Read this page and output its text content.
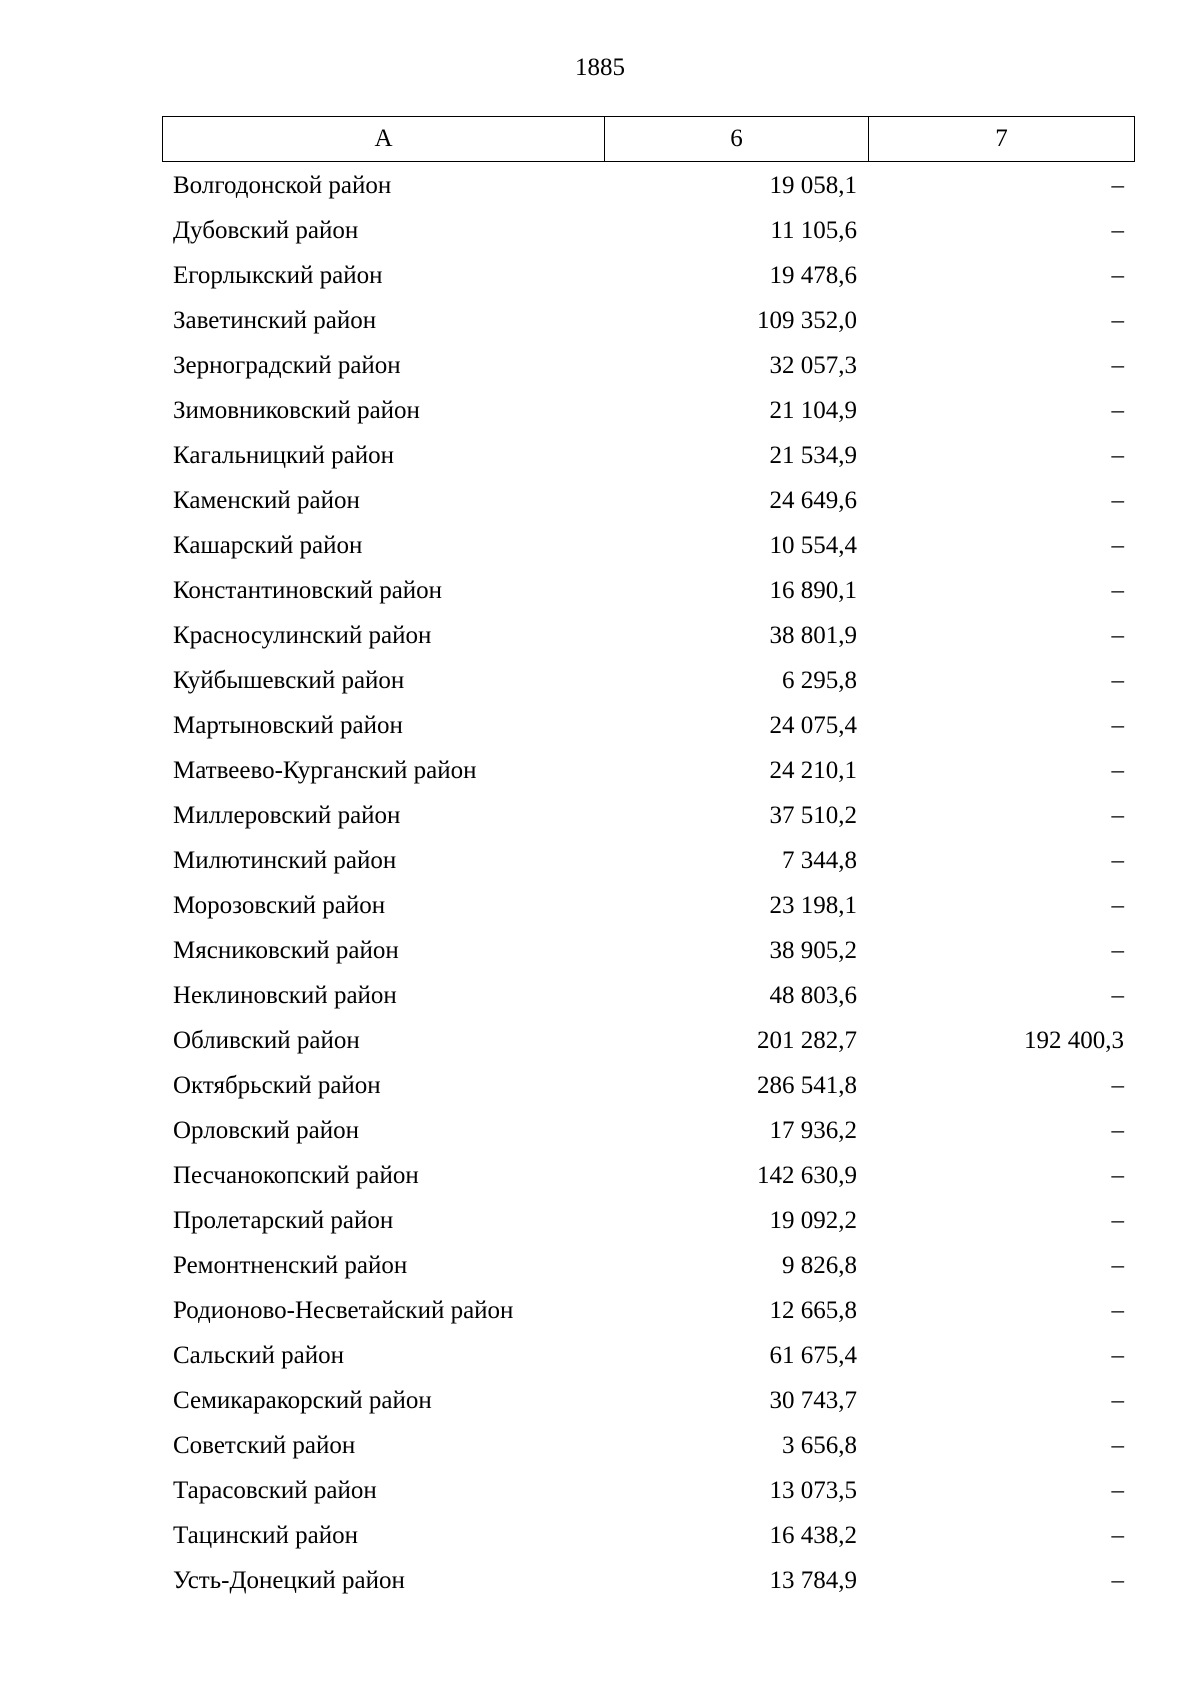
1885
А	6	7
Волгодонской район	19 058,1	–
Дубовский район	11 105,6	–
Егорлыкский район	19 478,6	–
Заветинский район	109 352,0	–
Зерноградский район	32 057,3	–
Зимовниковский район	21 104,9	–
Кагальницкий район	21 534,9	–
Каменский район	24 649,6	–
Кашарский район	10 554,4	–
Константиновский район	16 890,1	–
Красносулинский район	38 801,9	–
Куйбышевский район	6 295,8	–
Мартыновский район	24 075,4	–
Матвеево-Курганский район	24 210,1	–
Миллеровский район	37 510,2	–
Милютинский район	7 344,8	–
Морозовский район	23 198,1	–
Мясниковский район	38 905,2	–
Неклиновский район	48 803,6	–
Обливский район	201 282,7	192 400,3
Октябрьский район	286 541,8	–
Орловский район	17 936,2	–
Песчанокопский район	142 630,9	–
Пролетарский район	19 092,2	–
Ремонтненский район	9 826,8	–
Родионово-Несветайский район	12 665,8	–
Сальский район	61 675,4	–
Семикаракорский район	30 743,7	–
Советский район	3 656,8	–
Тарасовский район	13 073,5	–
Тацинский район	16 438,2	–
Усть-Донецкий район	13 784,9	–
